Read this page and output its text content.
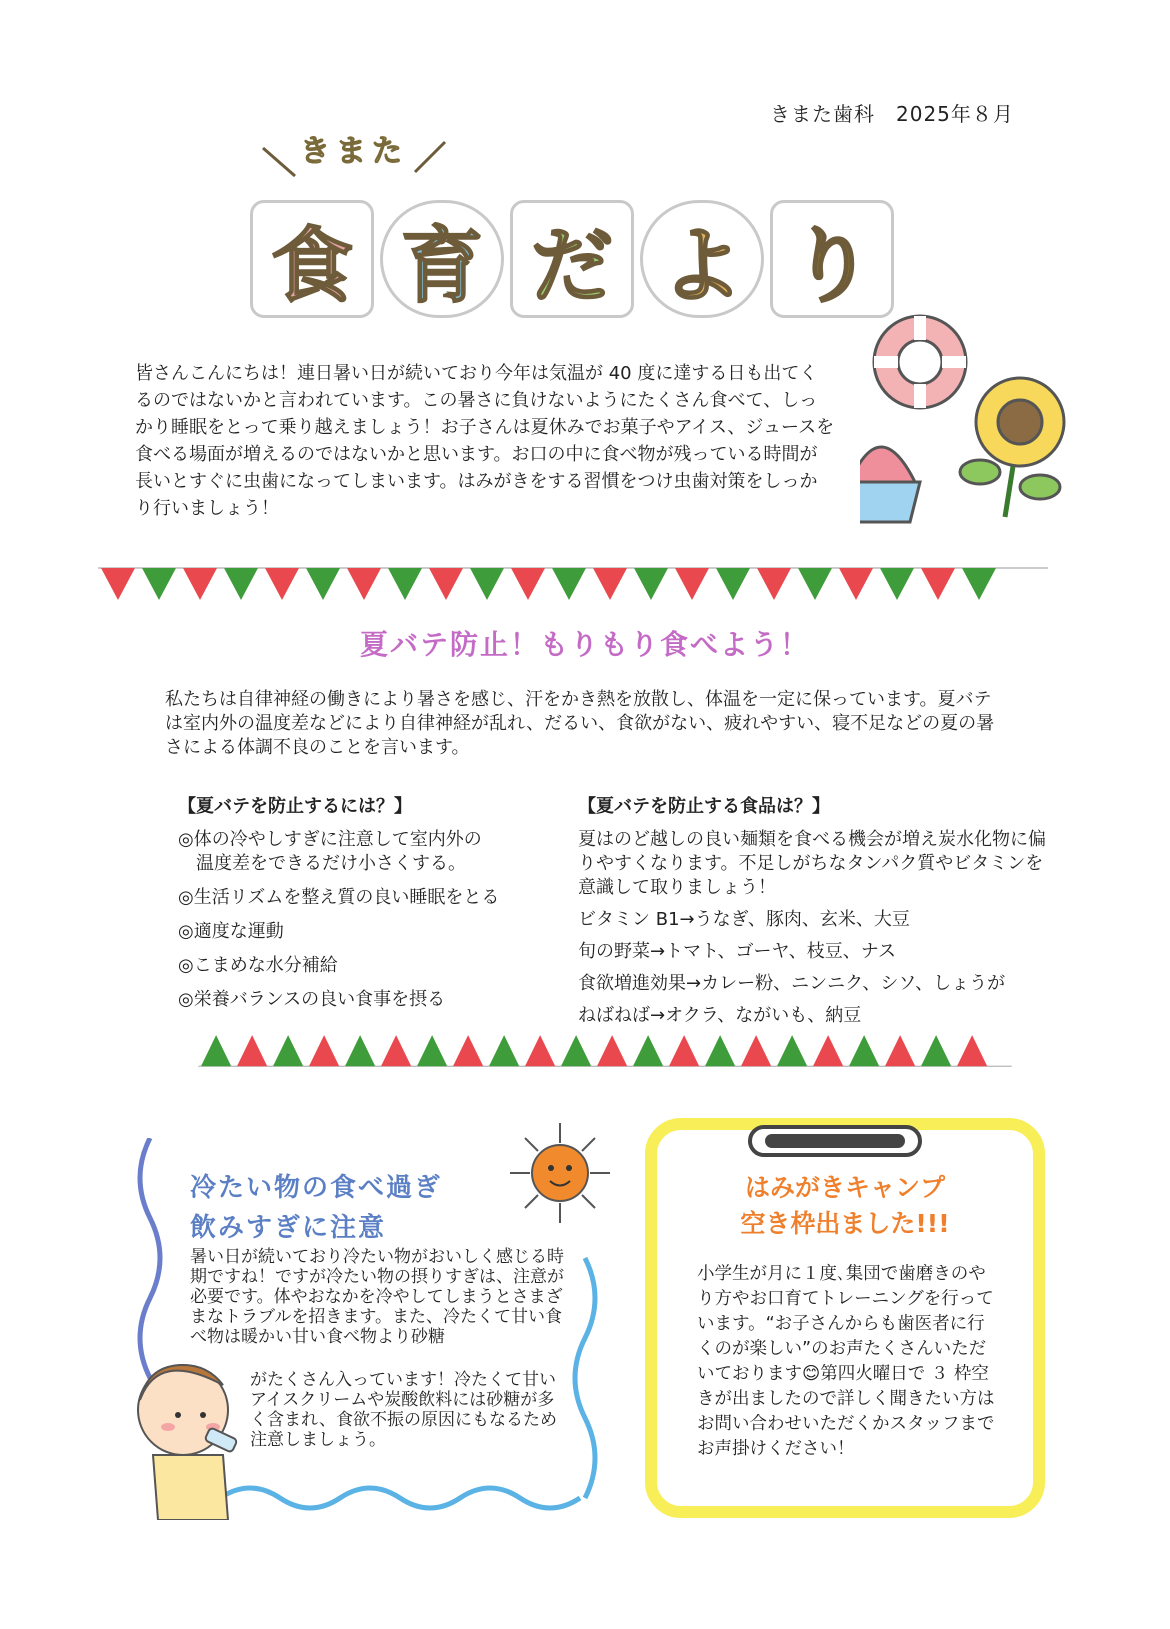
きまた歯科　2025年８月
きまた
食 育 だ よ り
皆さんこんにちは！連日暑い日が続いており今年は気温が 40 度に達する日も出てくるのではないかと言われています。この暑さに負けないようにたくさん食べて、しっかり睡眠をとって乗り越えましょう！お子さんは夏休みでお菓子やアイス、ジュースを食べる場面が増えるのではないかと思います。お口の中に食べ物が残っている時間が長いとすぐに虫歯になってしまいます。はみがきをする習慣をつけ虫歯対策をしっかり行いましょう！
夏バテ防止！もりもり食べよう！
私たちは自律神経の働きにより暑さを感じ、汗をかき熱を放散し、体温を一定に保っています。夏バテは室内外の温度差などにより自律神経が乱れ、だるい、食欲がない、疲れやすい、寝不足などの夏の暑さによる体調不良のことを言います。
【夏バテを防止するには？】
◎体の冷やしすぎに注意して室内外の
温度差をできるだけ小さくする。
◎生活リズムを整え質の良い睡眠をとる
◎適度な運動
◎こまめな水分補給
◎栄養バランスの良い食事を摂る
【夏バテを防止する食品は？】
夏はのど越しの良い麺類を食べる機会が増え炭水化物に偏りやすくなります。不足しがちなタンパク質やビタミンを意識して取りましょう！
ビタミン B1→うなぎ、豚肉、玄米、大豆
旬の野菜→トマト、ゴーヤ、枝豆、ナス
食欲増進効果→カレー粉、ニンニク、シソ、しょうが
ねばねば→オクラ、ながいも、納豆
冷たい物の食べ過ぎ
飲みすぎに注意
暑い日が続いており冷たい物がおいしく感じる時期ですね！ですが冷たい物の摂りすぎは、注意が必要です。体やおなかを冷やしてしまうとさまざまなトラブルを招きます。また、冷たくて甘い食べ物は暖かい甘い食べ物より砂糖
がたくさん入っています！冷たくて甘いアイスクリームや炭酸飲料には砂糖が多く含まれ、食欲不振の原因にもなるため注意しましょう。
はみがきキャンプ
空き枠出ました!!!
小学生が月に１度､集団で歯磨きのやり方やお口育てトレーニングを行っています。“お子さんからも歯医者に行くのが楽しい”のお声たくさんいただいております😊第四火曜日で ３ 枠空きが出ましたので詳しく聞きたい方はお問い合わせいただくかスタッフまでお声掛けください！
